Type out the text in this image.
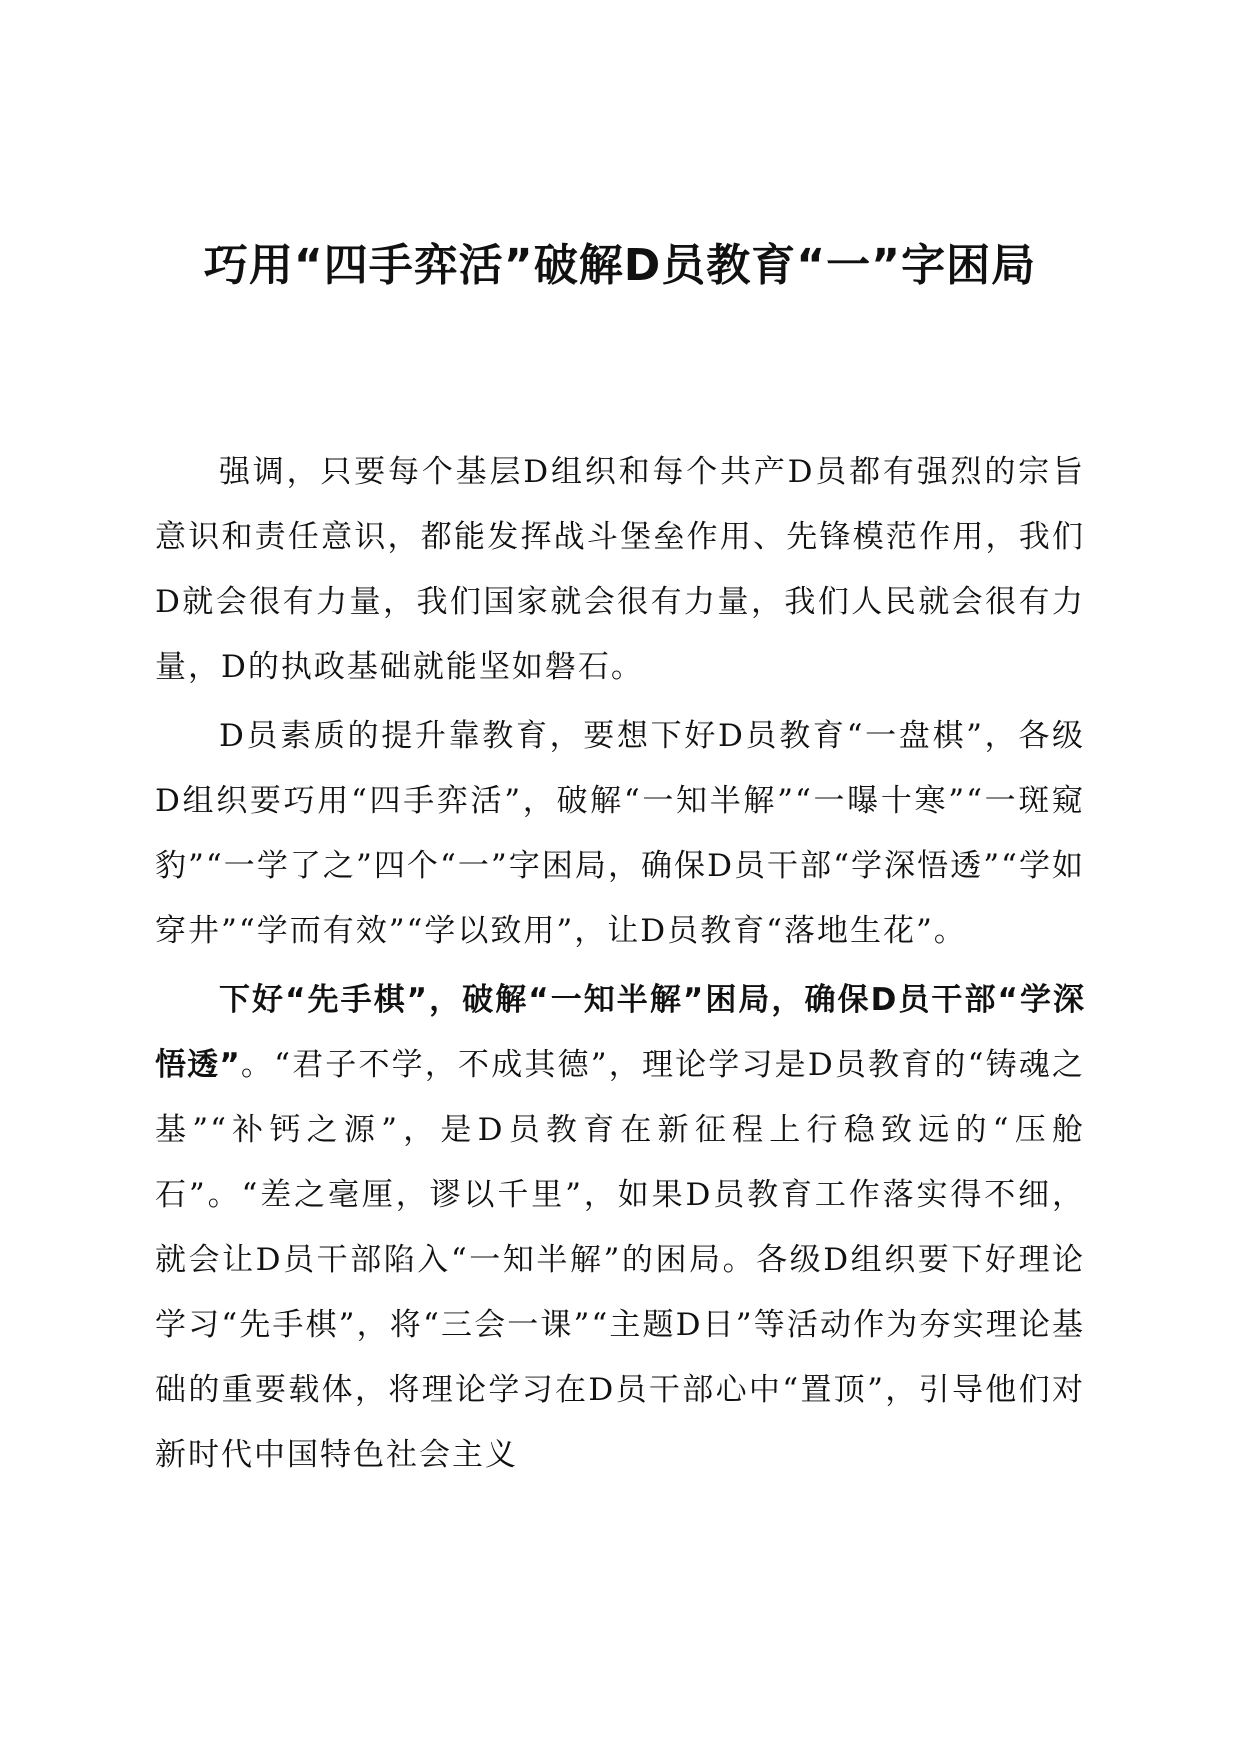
巧用“四手弈活”破解D员教育“一”字困局

强调，只要每个基层D组织和每个共产D员都有强烈的宗旨意识和责任意识，都能发挥战斗堡垒作用、先锋模范作用，我们D就会很有力量，我们国家就会很有力量，我们人民就会很有力量，D的执政基础就能坚如磐石。

D员素质的提升靠教育，要想下好D员教育“一盘棋”，各级D组织要巧用“四手弈活”，破解“一知半解”“一曝十寒”“一斑窥豹”“一学了之”四个“一”字困局，确保D员干部“学深悟透”“学如穿井”“学而有效”“学以致用”，让D员教育“落地生花”。

下好“先手棋”，破解“一知半解”困局，确保D员干部“学深悟透”。“君子不学，不成其德”，理论学习是D员教育的“铸魂之基”“补钙之源”，是D员教育在新征程上行稳致远的“压舱石”。“差之毫厘，谬以千里”，如果D员教育工作落实得不细，就会让D员干部陷入“一知半解”的困局。各级D组织要下好理论学习“先手棋”，将“三会一课”“主题D日”等活动作为夯实理论基础的重要载体，将理论学习在D员干部心中“置顶”，引导他们对新时代中国特色社会主义
